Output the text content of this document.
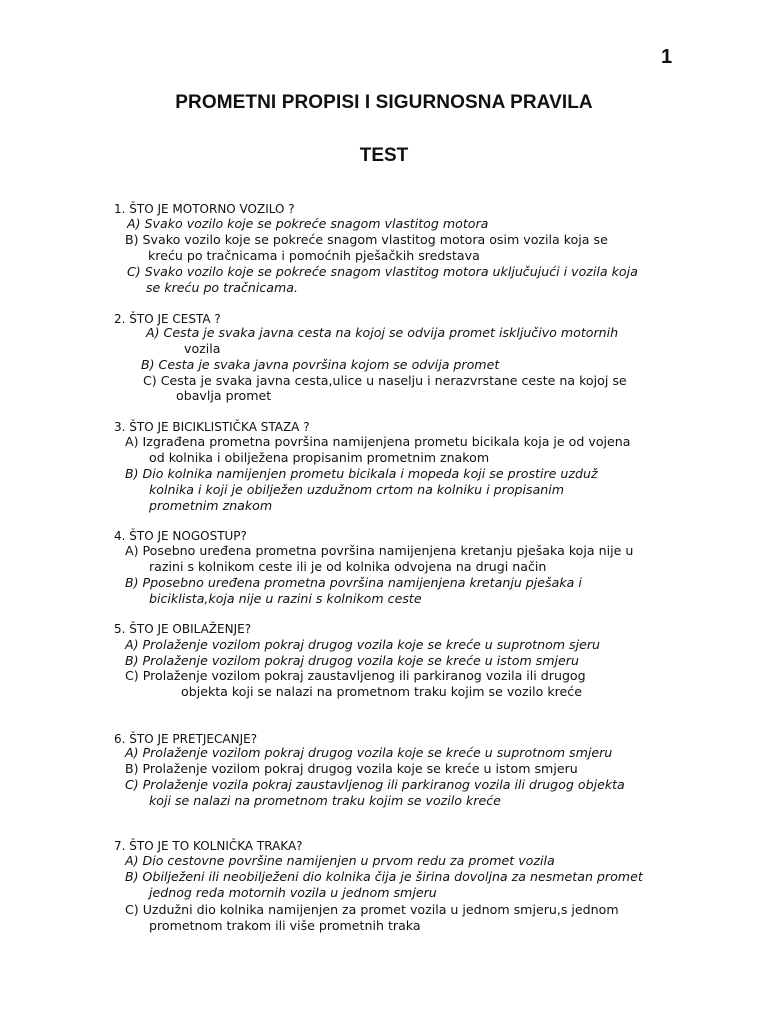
1
PROMETNI PROPISI I SIGURNOSNA PRAVILA
TEST
1. ŠTO JE MOTORNO VOZILO ?
A) Svako vozilo koje se pokreće snagom vlastitog motora
B) Svako vozilo koje se pokreće snagom vlastitog motora osim vozila koja se
kreću po tračnicama i pomoćnih pješačkih sredstava
C) Svako vozilo koje se pokreće snagom vlastitog motora uključujući i vozila koja
se kreću po tračnicama.
2. ŠTO JE CESTA ?
A) Cesta je svaka javna cesta na kojoj se odvija promet isključivo motornih
vozila
B) Cesta je svaka javna površina kojom se odvija promet
C) Cesta je svaka javna cesta,ulice u naselju i nerazvrstane ceste na kojoj se
obavlja promet
3. ŠTO JE BICIKLISTIČKA STAZA ?
A) Izgrađena prometna površina namijenjena prometu bicikala koja je od vojena
od kolnika i obilježena propisanim prometnim znakom
B) Dio kolnika namijenjen prometu bicikala i mopeda koji se prostire uzduž
kolnika i koji je obilježen uzdužnom crtom na kolniku i propisanim
prometnim znakom
4. ŠTO JE NOGOSTUP?
A) Posebno uređena prometna površina namijenjena kretanju pješaka koja nije u
razini s kolnikom ceste ili je od kolnika odvojena na drugi način
B) Pposebno uređena prometna površina namijenjena kretanju pješaka i
biciklista,koja nije u razini s kolnikom ceste
5. ŠTO JE OBILAŽENJE?
A) Prolaženje vozilom pokraj drugog vozila koje se kreće u suprotnom sjeru
B) Prolaženje vozilom pokraj drugog vozila koje se kreće u istom smjeru
C) Prolaženje vozilom pokraj zaustavljenog ili parkiranog vozila ili drugog
objekta koji se nalazi na prometnom traku kojim se vozilo kreće
6. ŠTO JE PRETJECANJE?
A) Prolaženje vozilom pokraj drugog vozila koje se kreće u suprotnom smjeru
B) Prolaženje vozilom pokraj drugog vozila koje se kreće u istom smjeru
C) Prolaženje vozila pokraj zaustavljenog ili parkiranog vozila ili drugog objekta
koji se nalazi na prometnom traku kojim se vozilo kreće
7. ŠTO JE TO KOLNIČKA TRAKA?
A) Dio cestovne površine namijenjen u prvom redu za promet vozila
B) Obilježeni ili neobilježeni dio kolnika čija je širina dovoljna za nesmetan promet
jednog reda motornih vozila u jednom smjeru
C) Uzdužni dio kolnika namijenjen za promet vozila u jednom smjeru,s jednom
prometnom trakom ili više prometnih traka
